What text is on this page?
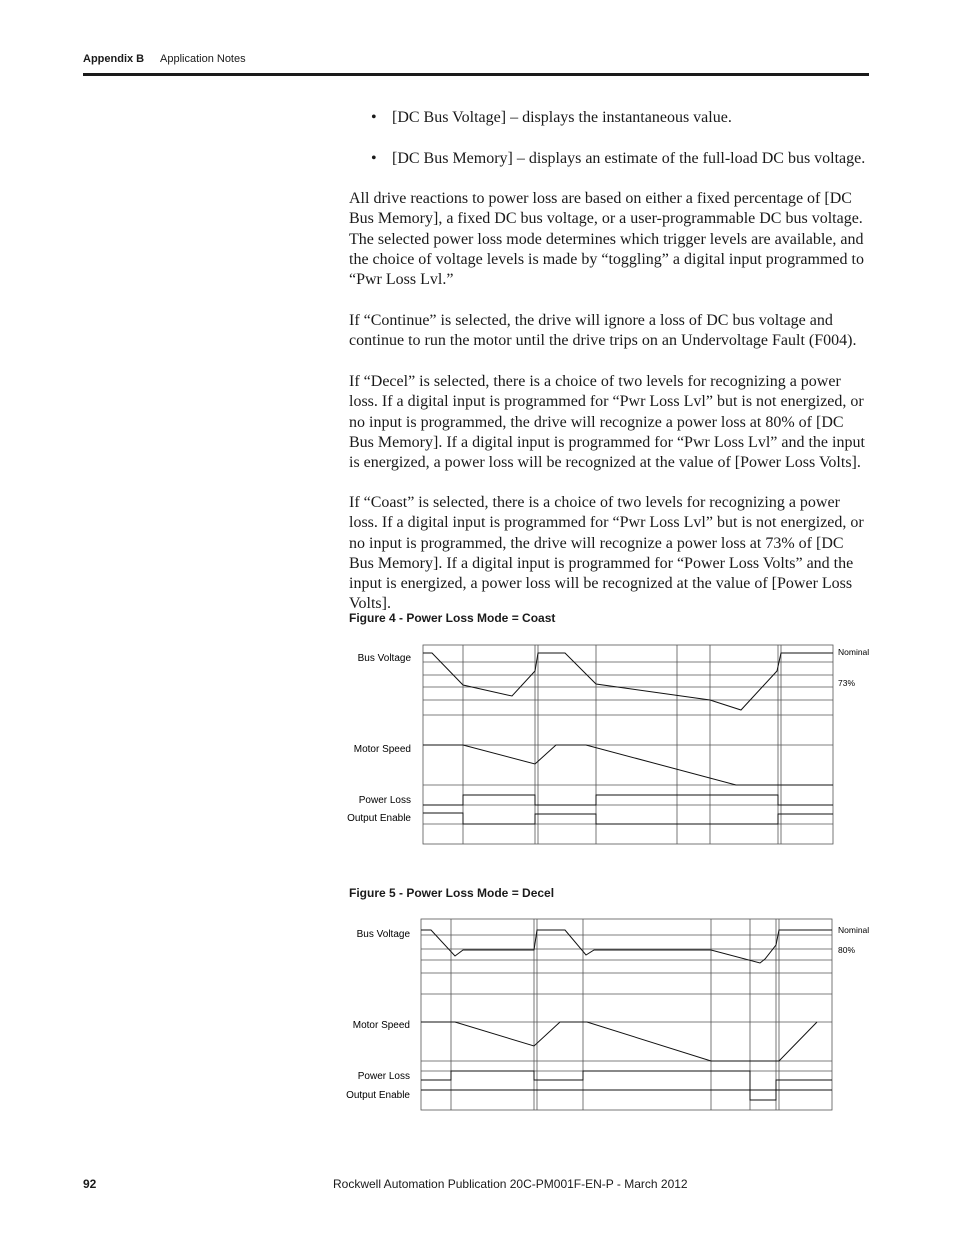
Appendix B Application Notes
• [DC Bus Voltage] – displays the instantaneous value.
• [DC Bus Memory] – displays an estimate of the full-load DC bus voltage.
All drive reactions to power loss are based on either a fixed percentage of [DC Bus Memory], a fixed DC bus voltage, or a user-programmable DC bus voltage. The selected power loss mode determines which trigger levels are available, and the choice of voltage levels is made by “toggling” a digital input programmed to “Pwr Loss Lvl.”
If “Continue” is selected, the drive will ignore a loss of DC bus voltage and continue to run the motor until the drive trips on an Undervoltage Fault (F004).
If “Decel” is selected, there is a choice of two levels for recognizing a power loss. If a digital input is programmed for “Pwr Loss Lvl” but is not energized, or no input is programmed, the drive will recognize a power loss at 80% of [DC Bus Memory]. If a digital input is programmed for “Pwr Loss Lvl” and the input is energized, a power loss will be recognized at the value of [Power Loss Volts].
If “Coast” is selected, there is a choice of two levels for recognizing a power loss. If a digital input is programmed for “Pwr Loss Lvl” but is not energized, or no input is programmed, the drive will recognize a power loss at 73% of [DC Bus Memory]. If a digital input is programmed for “Power Loss Volts” and the input is energized, a power loss will be recognized at the value of [Power Loss Volts].
Figure 4 - Power Loss Mode = Coast
Bus Voltage
Motor Speed
Power Loss
Output Enable
Nominal
73%
Figure 5 - Power Loss Mode = Decel
Bus Voltage
Motor Speed
Power Loss
Output Enable
Nominal
80%
92	Rockwell Automation Publication 20C-PM001F-EN-P - March 2012
